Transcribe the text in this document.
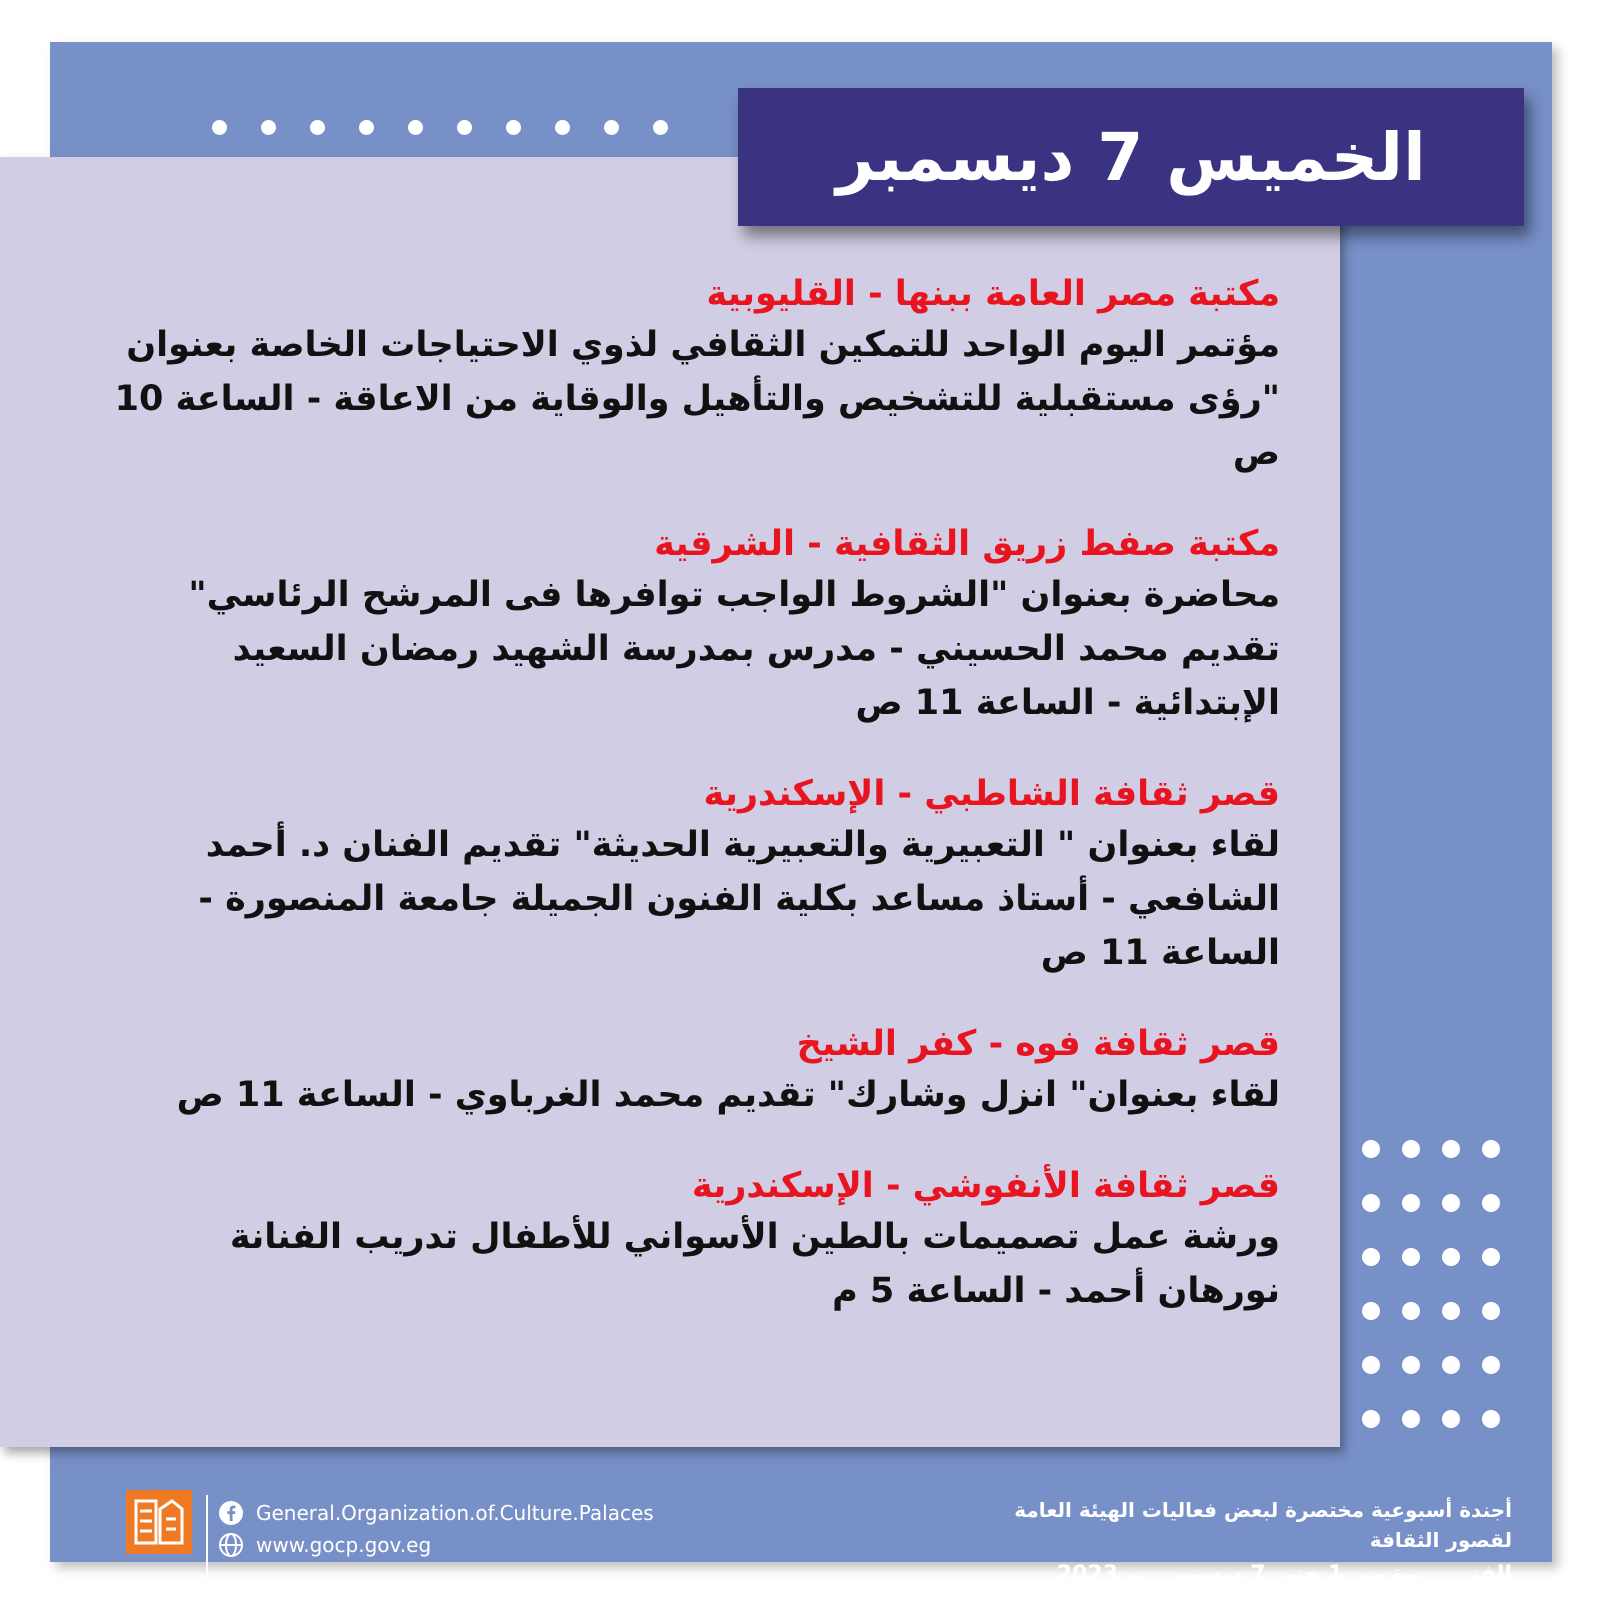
الخميس 7 ديسمبر
مكتبة مصر العامة ببنها - القليوبية
مؤتمر اليوم الواحد للتمكين الثقافي لذوي الاحتياجات الخاصة بعنوان "رؤى مستقبلية للتشخيص والتأهيل والوقاية من الاعاقة - الساعة 10 ص
مكتبة صفط زريق الثقافية - الشرقية
محاضرة بعنوان "الشروط الواجب توافرها فى المرشح الرئاسي" تقديم محمد الحسيني - مدرس بمدرسة الشهيد رمضان السعيد الإبتدائية - الساعة 11 ص
قصر ثقافة الشاطبي - الإسكندرية
لقاء بعنوان " التعبيرية والتعبيرية الحديثة" تقديم الفنان د. أحمد الشافعي - أستاذ مساعد بكلية الفنون الجميلة جامعة المنصورة - الساعة 11 ص
قصر ثقافة فوه - كفر الشيخ
لقاء بعنوان" انزل وشارك" تقديم محمد الغرباوي - الساعة 11 ص
قصر ثقافة الأنفوشي - الإسكندرية
ورشة عمل تصميمات بالطين الأسواني للأطفال تدريب الفنانة نورهان أحمد - الساعة 5 م
General.Organization.of.Culture.Palaces
www.gocp.gov.eg
أجندة أسبوعية مختصرة لبعض فعاليات الهيئة العامة لقصور الثقافة
الفتـــــــرة من 1 حتى 7 ديسمبـــــر 2023
